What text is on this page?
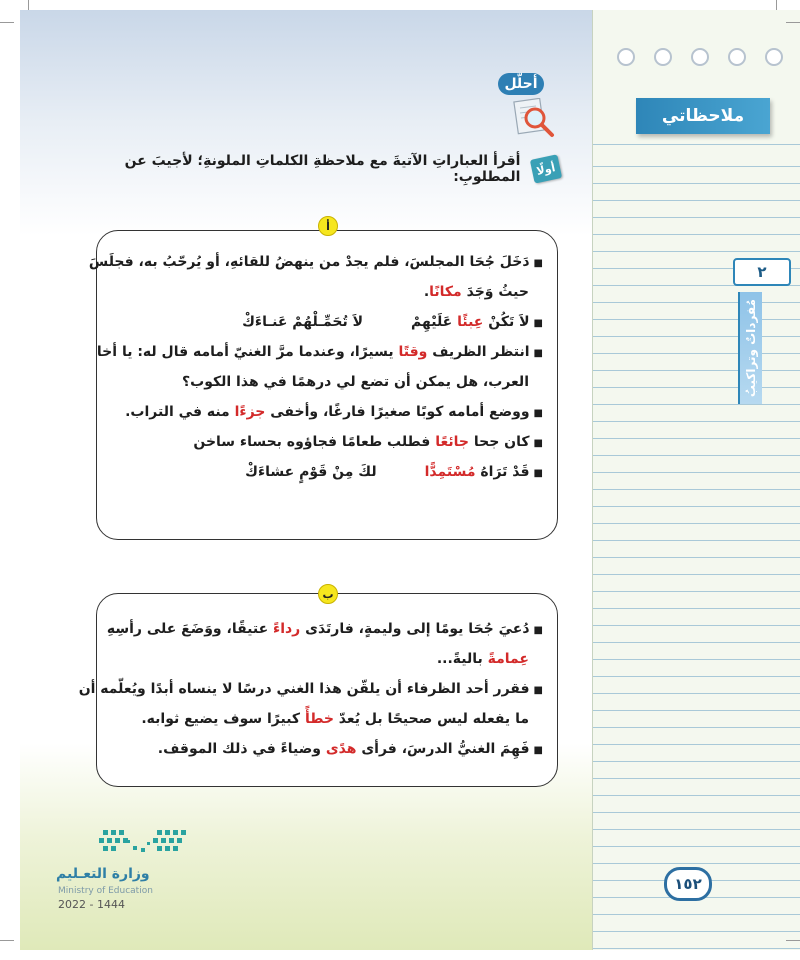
ملاحظاتي
٢
مُفرداتٌ وتراكيبُ
أحلّل
أولًا
أقرأ العباراتِ الآتيةَ مع ملاحظةِ الكلماتِ الملونةِ؛ لأجيبَ عن المطلوبِ:
■دَخَلَ جُحَا المجلسَ، فلم يجدْ من ينهضُ للقائهِ، أو يُرحّبُ به، فجلَسَ
حيثُ وَجَدَ مكانًا.
■لاَ تَكُنْ عِبئًا عَلَيْهِمْلاَ تُحَمِّـلْهُمْ عَنـاءَكْ
■انتظر الظريف وقتًا يسيرًا، وعندما مرَّ الغنيّ أمامه قال له: يا أخا
العرب، هل يمكن أن تضع لي درهمًا في هذا الكوب؟
■ووضع أمامه كوبًا صغيرًا فارغًا، وأخفى جزءًا منه في التراب.
■كان جحا جائعًا فطلب طعامًا فجاؤوه بحساء ساخن
■قَدْ تَرَاهُ مُسْتَمِدًّالكَ مِنْ قَوْمٍ عشاءَكْ
أ
■دُعيَ جُحَا يومًا إلى وليمةٍ، فارتَدَى رداءً عتيقًا، ووَضَعَ على رأسِهِ
عِمامةً باليةً...
■فقرر أحد الظرفاء أن يلقّن هذا الغني درسًا لا ينساه أبدًا ويُعلّمه أن
ما يفعله ليس صحيحًا بل يُعدّ خطأً كبيرًا سوف يضيع ثوابه.
■فَهِمَ الغنيُّ الدرسَ، فرأى هدًى وضياءً في ذلك الموقف.
ب
وزارة التعـليم
Ministry of Education
2022 - 1444
١٥٢
